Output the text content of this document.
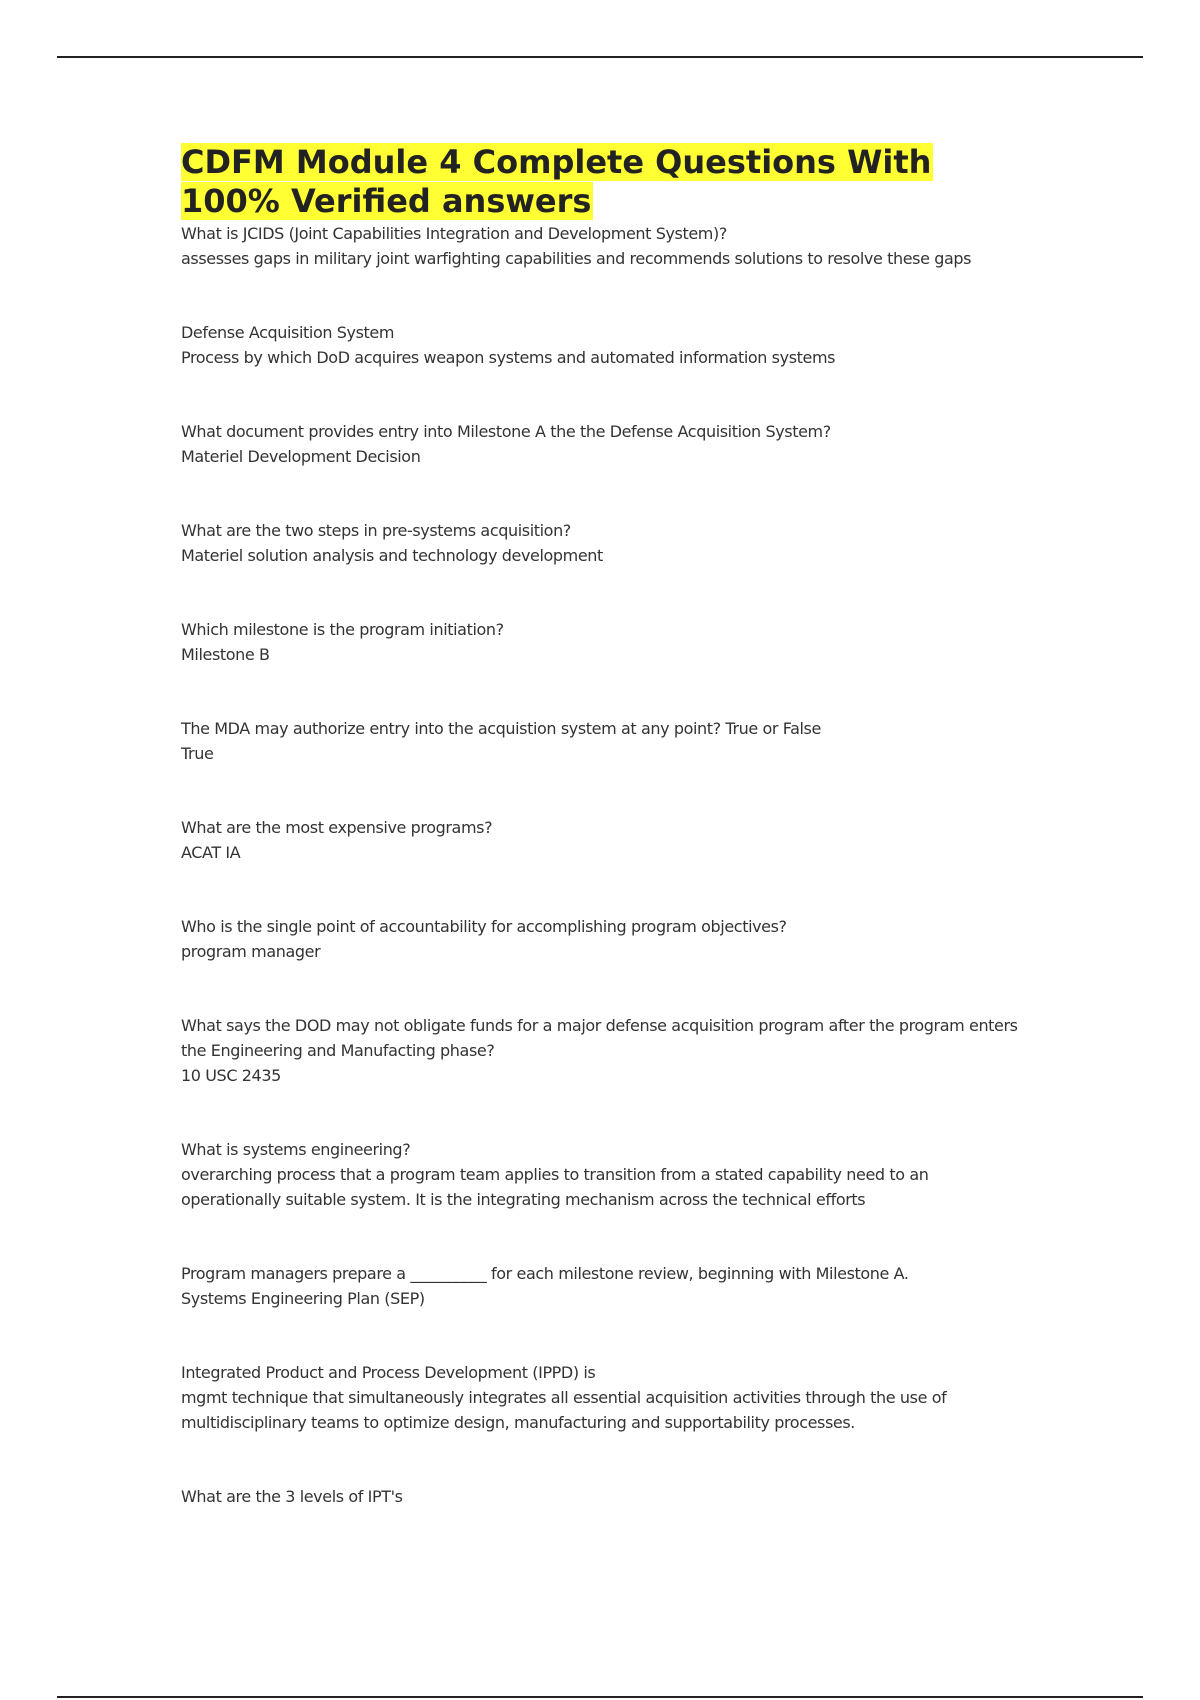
CDFM Module 4 Complete Questions With 100% Verified answers

What is JCIDS (Joint Capabilities Integration and Development System)?
assesses gaps in military joint warfighting capabilities and recommends solutions to resolve these gaps

Defense Acquisition System
Process by which DoD acquires weapon systems and automated information systems

What document provides entry into Milestone A the the Defense Acquisition System?
Materiel Development Decision

What are the two steps in pre-systems acquisition?
Materiel solution analysis and technology development

Which milestone is the program initiation?
Milestone B

The MDA may authorize entry into the acquistion system at any point? True or False
True

What are the most expensive programs?
ACAT IA

Who is the single point of accountability for accomplishing program objectives?
program manager

What says the DOD may not obligate funds for a major defense acquisition program after the program enters the Engineering and Manufacting phase?
10 USC 2435

What is systems engineering?
overarching process that a program team applies to transition from a stated capability need to an operationally suitable system. It is the integrating mechanism across the technical efforts

Program managers prepare a __________ for each milestone review, beginning with Milestone A.
Systems Engineering Plan (SEP)

Integrated Product and Process Development (IPPD) is
mgmt technique that simultaneously integrates all essential acquisition activities through the use of multidisciplinary teams to optimize design, manufacturing and supportability processes.

What are the 3 levels of IPT's
